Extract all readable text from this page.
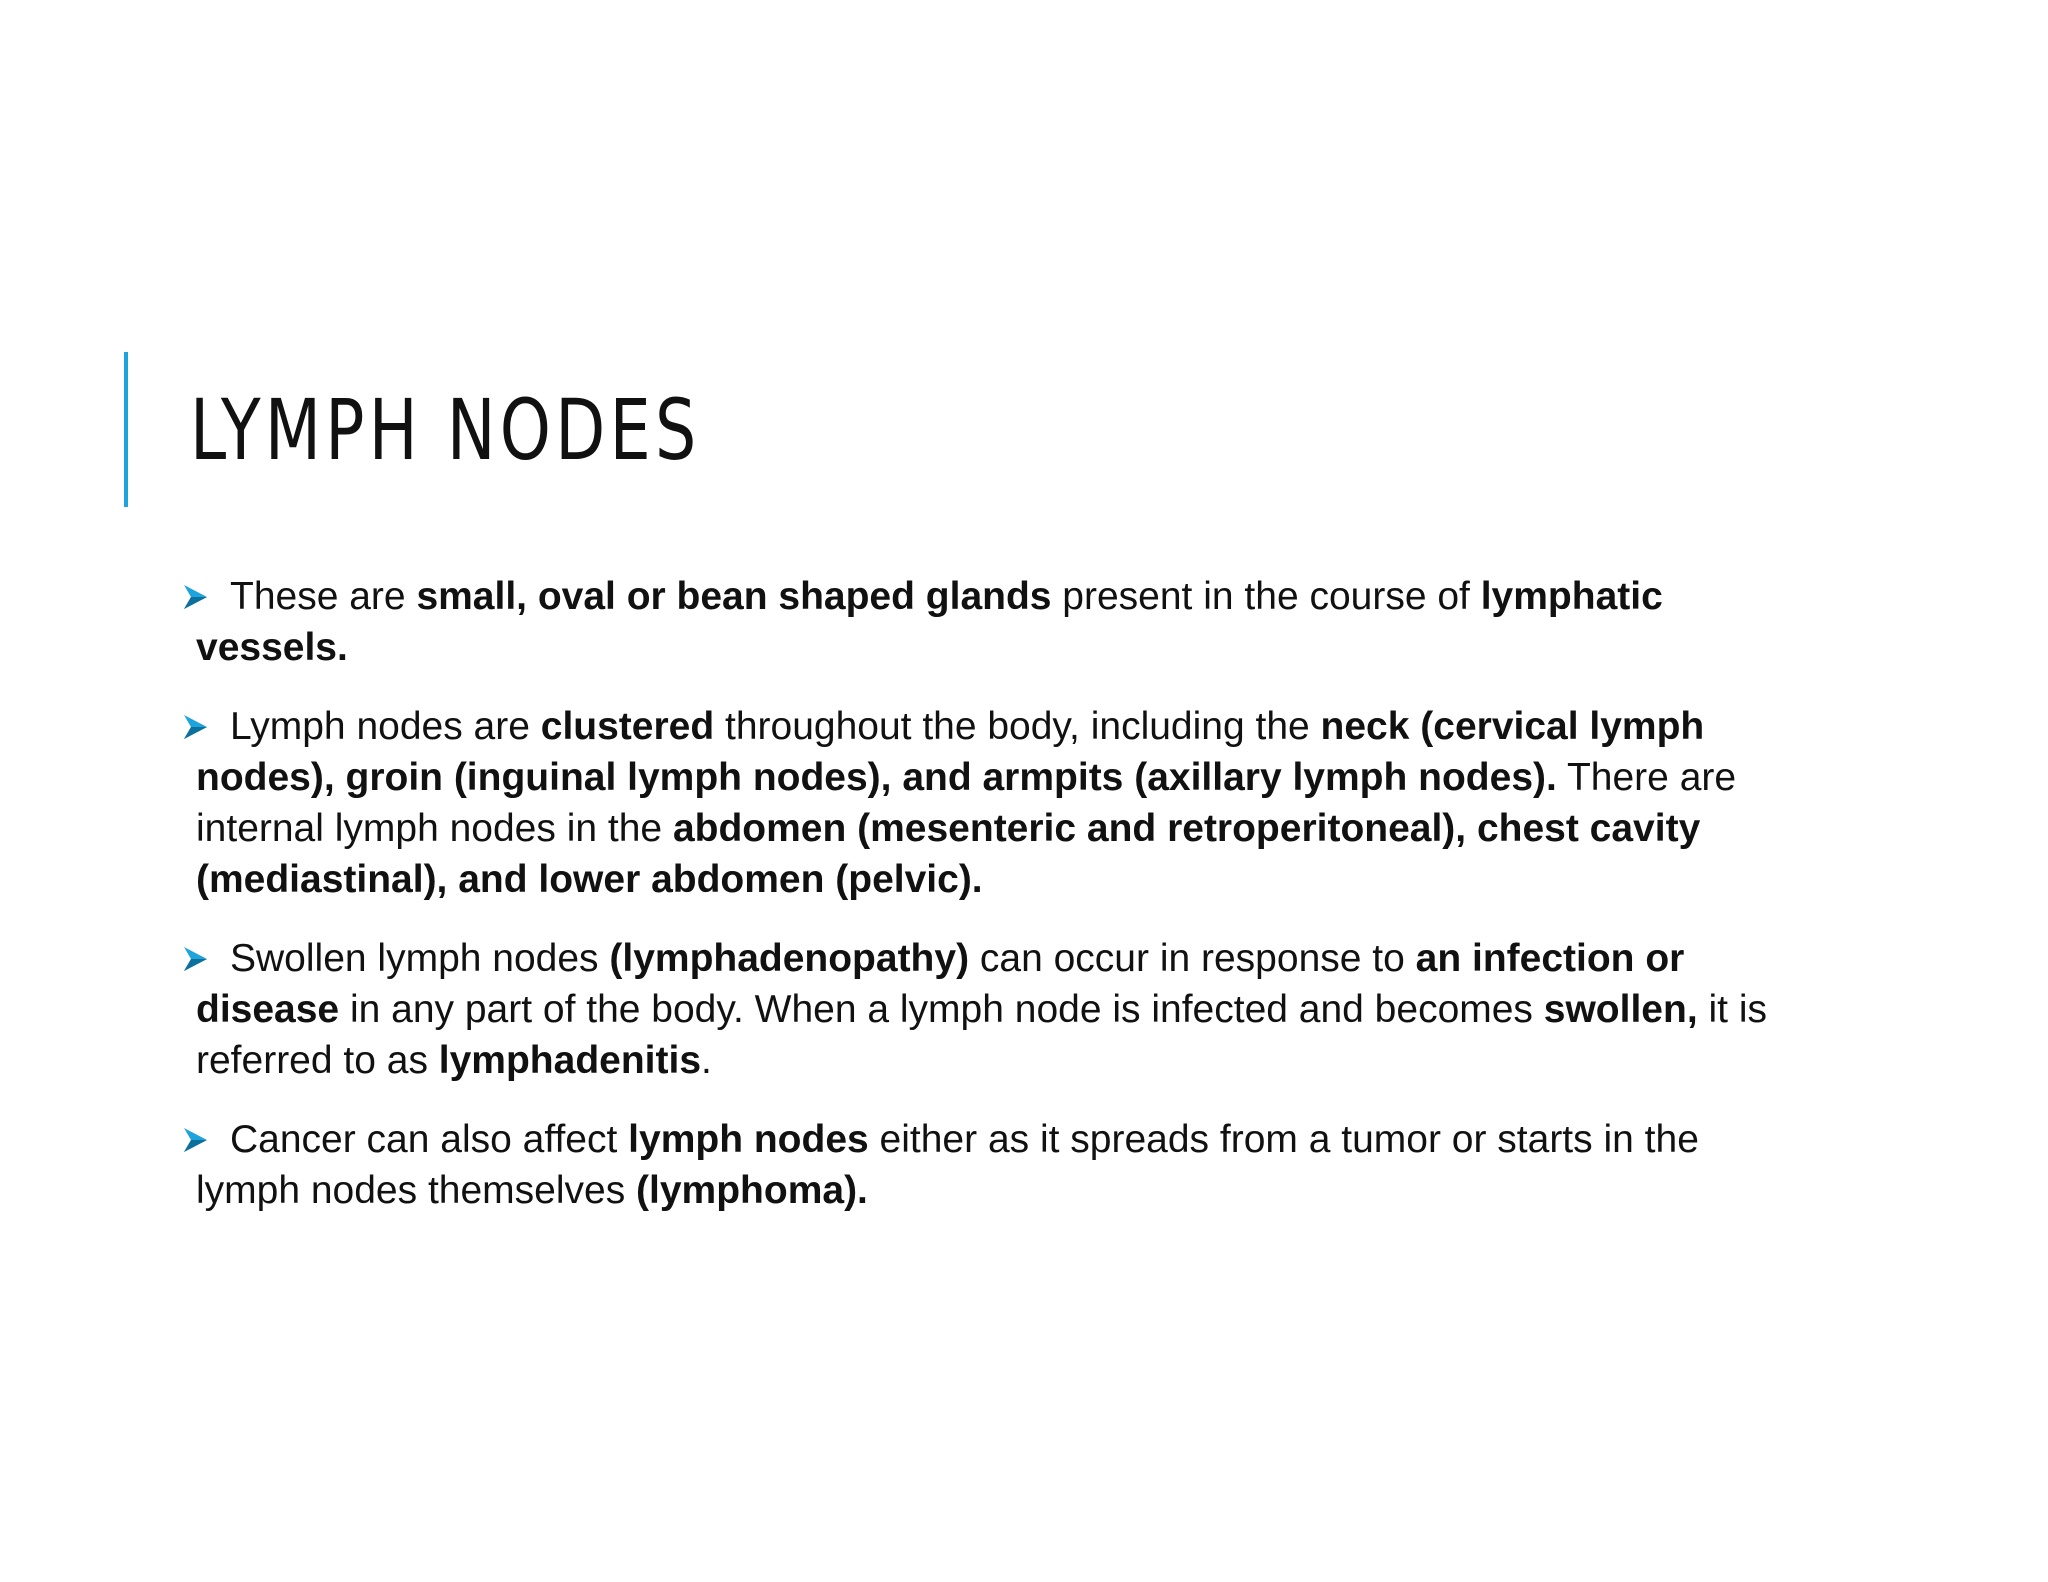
LYMPH NODES
These are small, oval or bean shaped glands present in the course of lymphatic vessels.
Lymph nodes are clustered throughout the body, including the neck (cervical lymph nodes), groin (inguinal lymph nodes), and armpits (axillary lymph nodes). There are internal lymph nodes in the abdomen (mesenteric and retroperitoneal), chest cavity (mediastinal), and lower abdomen (pelvic).
Swollen lymph nodes (lymphadenopathy) can occur in response to an infection or disease in any part of the body. When a lymph node is infected and becomes swollen, it is referred to as lymphadenitis.
Cancer can also affect lymph nodes either as it spreads from a tumor or starts in the lymph nodes themselves (lymphoma).
